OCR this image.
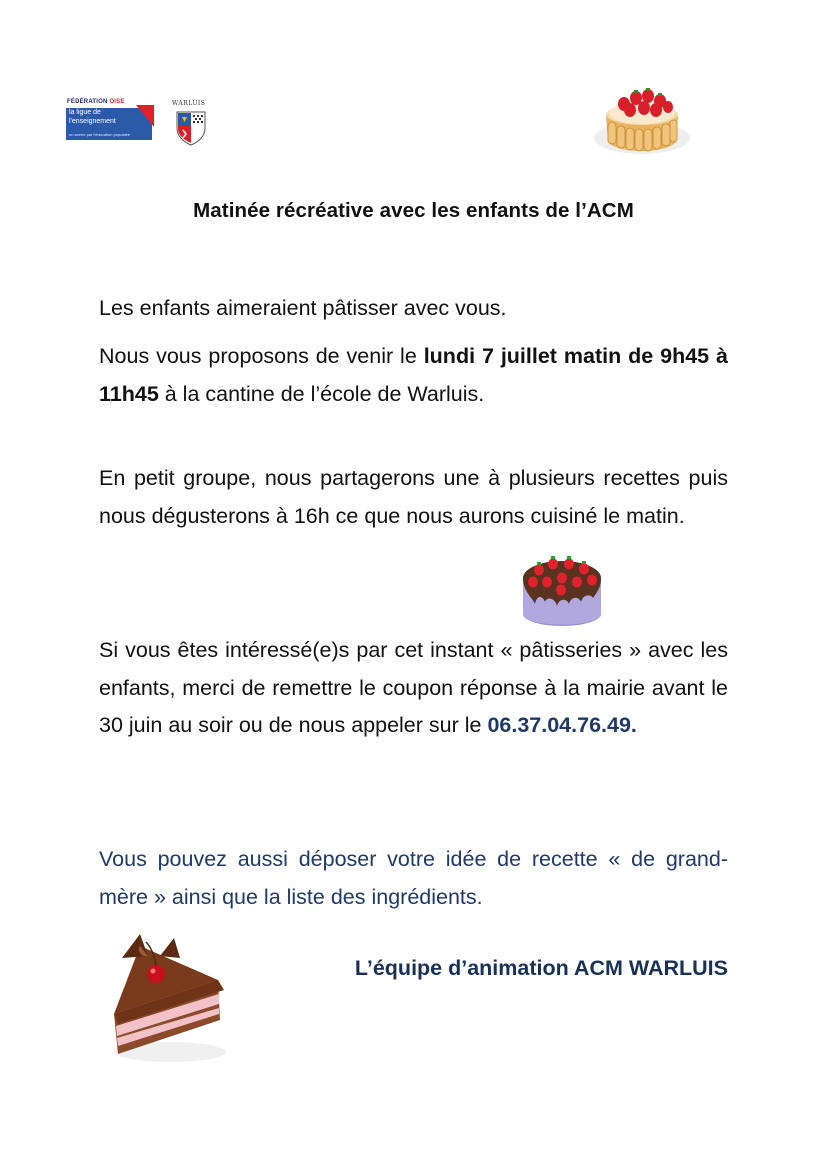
FÉDÉRATION OISE
la ligue de
l'enseignement
un avenir par l'éducation populaire
WARLUIS
Matinée récréative avec les enfants de l’ACM
Les enfants aimeraient pâtisser avec vous.
Nous vous proposons de venir le lundi 7 juillet matin de 9h45 à 11h45 à la cantine de l’école de Warluis.
En petit groupe, nous partagerons une à plusieurs recettes puis nous dégusterons à 16h ce que nous aurons cuisiné le matin.
Si vous êtes intéressé(e)s par cet instant « pâtisseries » avec les enfants, merci de remettre le coupon réponse à la mairie avant le 30 juin au soir ou de nous appeler sur le 06.37.04.76.49.
Vous pouvez aussi déposer votre idée de recette « de grand-mère » ainsi que la liste des ingrédients.
L’équipe d’animation ACM WARLUIS
